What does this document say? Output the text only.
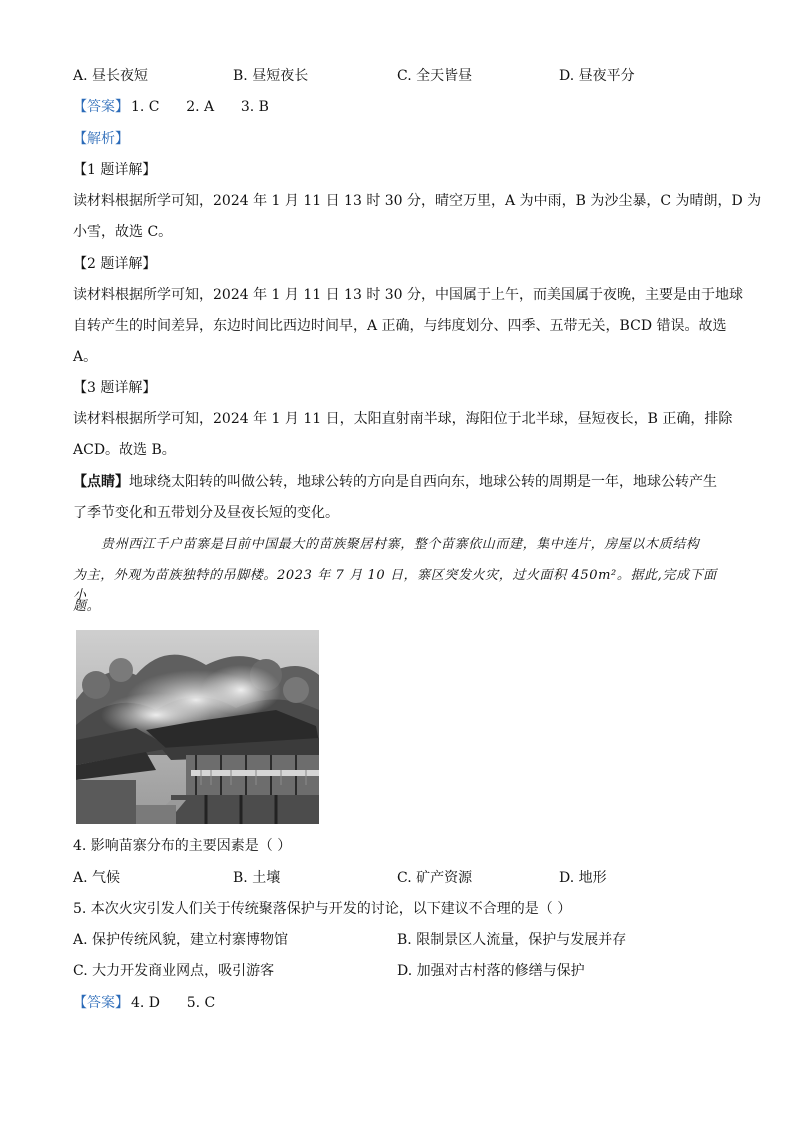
A. 昼长夜短	B. 昼短夜长	C. 全天皆昼	D. 昼夜平分
【答案】 1. C 2. A 3. B
【解析】
【1 题详解】
读材料根据所学可知，2024 年 1 月 11 日 13 时 30 分，晴空万里，A 为中雨，B 为沙尘暴，C 为晴朗，D 为
小雪，故选 C。
【2 题详解】
读材料根据所学可知，2024 年 1 月 11 日 13 时 30 分，中国属于上午，而美国属于夜晚，主要是由于地球
自转产生的时间差异，东边时间比西边时间早，A 正确，与纬度划分、四季、五带无关，BCD 错误。故选
A。
【3 题详解】
读材料根据所学可知，2024 年 1 月 11 日，太阳直射南半球，海阳位于北半球，昼短夜长，B 正确，排除
ACD。故选 B。
【点睛】地球绕太阳转的叫做公转，地球公转的方向是自西向东，地球公转的周期是一年，地球公转产生
了季节变化和五带划分及昼夜长短的变化。
贵州西江千户苗寨是目前中国最大的苗族聚居村寨，整个苗寨依山而建，集中连片，房屋以木质结构
为主，外观为苗族独特的吊脚楼。2023 年 7 月 10 日，寨区突发火灾，过火面积 450m²。据此,完成下面小
题。
4. 影响苗寨分布的主要因素是（ ）
A. 气候	B. 土壤	C. 矿产资源	D. 地形
5. 本次火灾引发人们关于传统聚落保护与开发的讨论，以下建议不合理的是（ ）
A. 保护传统风貌，建立村寨博物馆	B. 限制景区人流量，保护与发展并存
C. 大力开发商业网点，吸引游客	D. 加强对古村落的修缮与保护
【答案】 4. D 5. C
